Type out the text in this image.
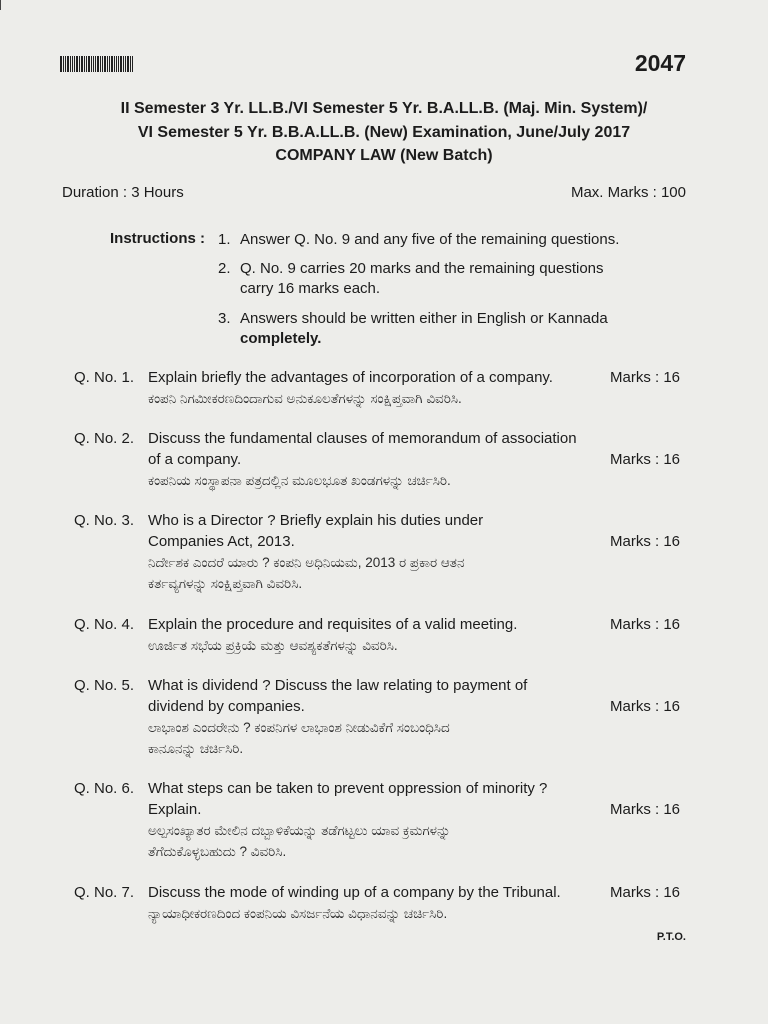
2047
II Semester 3 Yr. LL.B./VI Semester 5 Yr. B.A.LL.B. (Maj. Min. System)/
VI Semester 5 Yr. B.B.A.LL.B. (New) Examination, June/July 2017
COMPANY LAW (New Batch)
Duration : 3 Hours	Max. Marks : 100
Instructions : 1. Answer Q. No. 9 and any five of the remaining questions.
2. Q. No. 9 carries 20 marks and the remaining questions
carry 16 marks each.
3. Answers should be written either in English or Kannada
completely.
Q. No. 1. Explain briefly the advantages of incorporation of a company.
ಕಂಪನಿ ನಿಗಮೀಕರಣದಿಂದಾಗುವ ಅನುಕೂಲತೆಗಳನ್ನು ಸಂಕ್ಷಿಪ್ತವಾಗಿ ವಿವರಿಸಿ.
Marks : 16
Q. No. 2. Discuss the fundamental clauses of memorandum of association
of a company.
ಕಂಪನಿಯ ಸಂಸ್ಥಾಪನಾ ಪತ್ರದಲ್ಲಿನ ಮೂಲಭೂತ ಖಂಡಗಳನ್ನು ಚರ್ಚಿಸಿರಿ.
Marks : 16
Q. No. 3. Who is a Director ? Briefly explain his duties under
Companies Act, 2013.
ನಿರ್ದೇಶಕ ಎಂದರೆ ಯಾರು ? ಕಂಪನಿ ಅಧಿನಿಯಮ, 2013 ರ ಪ್ರಕಾರ ಆತನ
ಕರ್ತವ್ಯಗಳನ್ನು ಸಂಕ್ಷಿಪ್ತವಾಗಿ ವಿವರಿಸಿ.
Marks : 16
Q. No. 4. Explain the procedure and requisites of a valid meeting.
ಊರ್ಜಿತ ಸಭೆಯ ಪ್ರಕ್ರಿಯೆ ಮತ್ತು ಆವಶ್ಯಕತೆಗಳನ್ನು ವಿವರಿಸಿ.
Marks : 16
Q. No. 5. What is dividend ? Discuss the law relating to payment of
dividend by companies.
ಲಾಭಾಂಶ ಎಂದರೇನು ? ಕಂಪನಿಗಳ ಲಾಭಾಂಶ ನೀಡುವಿಕೆಗೆ ಸಂಬಂಧಿಸಿದ
ಕಾನೂನನ್ನು ಚರ್ಚಿಸಿರಿ.
Marks : 16
Q. No. 6. What steps can be taken to prevent oppression of minority ?
Explain.
ಅಲ್ಪಸಂಖ್ಯಾತರ ಮೇಲಿನ ದಬ್ಬಾಳಿಕೆಯನ್ನು ತಡೆಗಟ್ಟಲು ಯಾವ ಕ್ರಮಗಳನ್ನು
ತೆಗೆದುಕೊಳ್ಳಬಹುದು ? ವಿವರಿಸಿ.
Marks : 16
Q. No. 7. Discuss the mode of winding up of a company by the Tribunal.
ನ್ಯಾಯಾಧೀಕರಣದಿಂದ ಕಂಪನಿಯ ವಿಸರ್ಜನೆಯ ವಿಧಾನವನ್ನು ಚರ್ಚಿಸಿರಿ.
Marks : 16
P.T.O.
